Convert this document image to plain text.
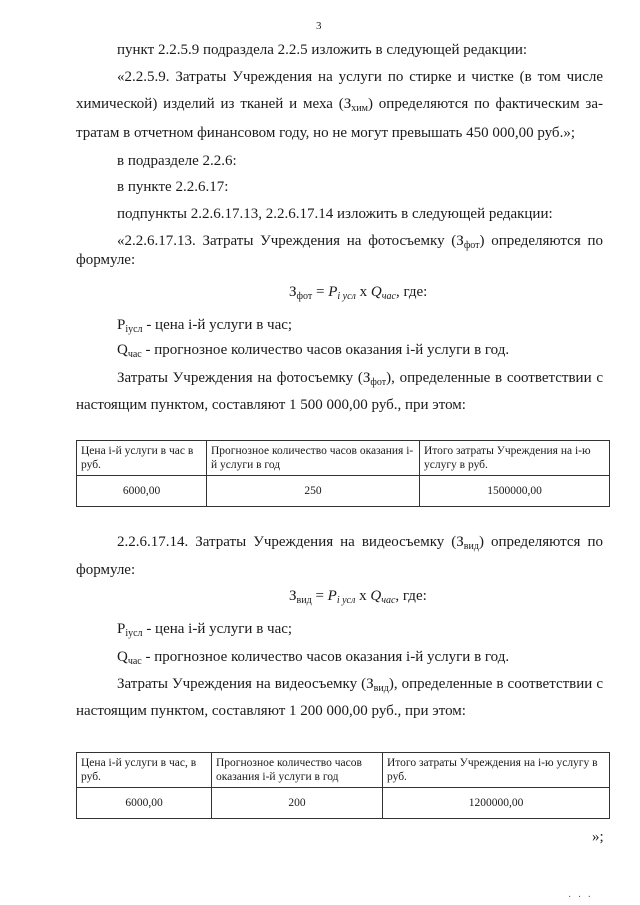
3
пункт 2.2.5.9 подраздела 2.2.5 изложить в следующей редакции:
«2.2.5.9. Затраты Учреждения на услуги по стирке и чистке (в том числе
химической) изделий из тканей и меха $(З_{хим})$ определяются по фактическим за-
тратам в отчетном финансовом году, но не могут превышать 450 000,00 руб.»;
в подразделе 2.2.6:
в пункте 2.2.6.17:
подпункты 2.2.6.17.13, 2.2.6.17.14 изложить в следующей редакции:
«2.2.6.17.13. Затраты Учреждения на фотосъемку $(З_{фот})$ определяются по
формуле:
$З_{фот} = P_{i усл}$ х $Q_{час}$, где:
$P_{iусл}$ - цена i-й услуги в час;
$Q_{час}$ - прогнозное количество часов оказания i-й услуги в год.
Затраты Учреждения на фотосъемку $(З_{фот})$, определенные в соответствии с
настоящим пунктом, составляют 1 500 000,00 руб., при этом:
Цена i-й услуги в час в руб.	Прогнозное количество часов оказания i-й услуги в год	Итого затраты Учреждения на i-ю услугу в руб.
6000,00	250	1500000,00
2.2.6.17.14. Затраты Учреждения на видеосъемку $(З_{вид})$ определяются по
формуле:
$З_{вид} = P_{i усл}$ х $Q_{час}$, где:
$P_{iусл}$ - цена i-й услуги в час;
$Q_{час}$ - прогнозное количество часов оказания i-й услуги в год.
Затраты Учреждения на видеосъемку $(З_{вид})$, определенные в соответствии с
настоящим пунктом, составляют 1 200 000,00 руб., при этом:
Цена i-й услуги в час, в руб.	Прогнозное количество часов оказания i-й услуги в год	Итого затраты Учреждения на i-ю услугу в руб.
6000,00	200	1200000,00
»;
· · ·
